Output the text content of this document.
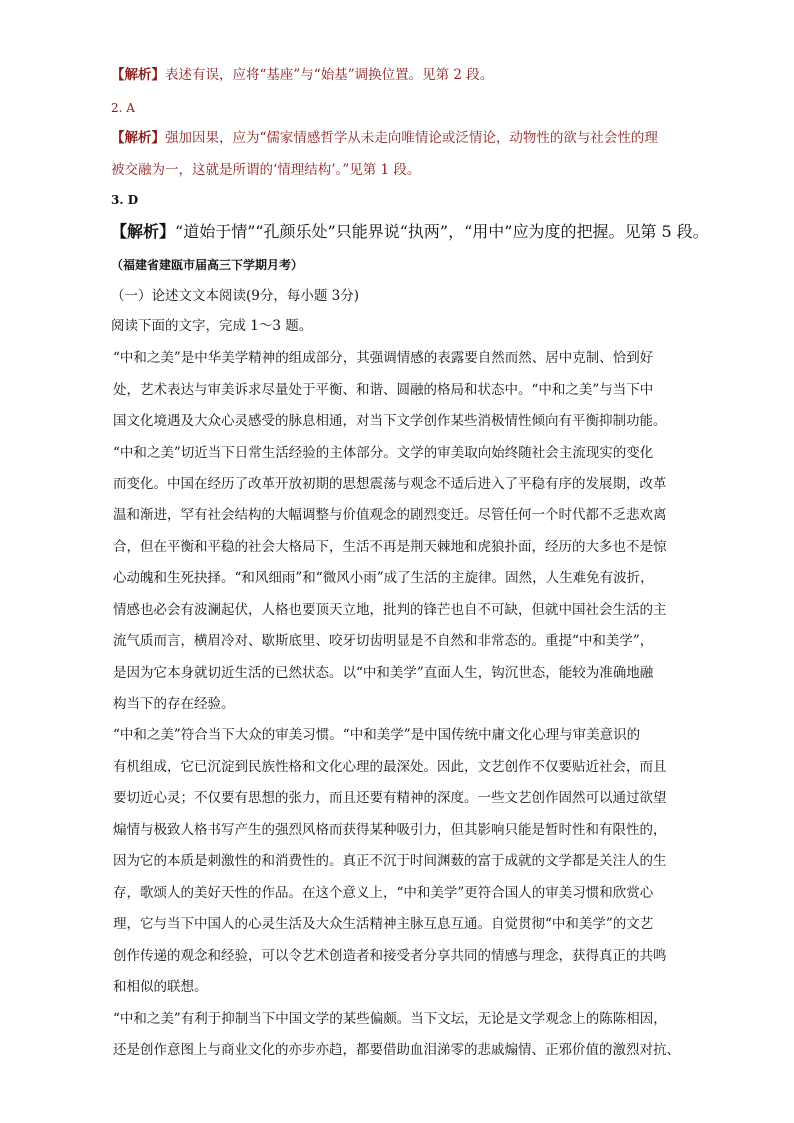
【解析】表述有误，应将“基座”与“始基”调换位置。见第 2 段。
2. A
【解析】强加因果，应为“儒家情感哲学从未走向唯情论或泛情论，动物性的欲与社会性的理
被交融为一，这就是所谓的‘情理结构’。”见第 1 段。
3. D
【解析】“道始于情”“孔颜乐处”只能界说“执两”，“用中”应为度的把握。见第 5 段。
（福建省建瓯市届高三下学期月考）
（一）论述文文本阅读(9分，每小题 3分)
阅读下面的文字，完成 1～3 题。
“中和之美”是中华美学精神的组成部分，其强调情感的表露要自然而然、居中克制、恰到好
处，艺术表达与审美诉求尽量处于平衡、和谐、圆融的格局和状态中。“中和之美”与当下中
国文化境遇及大众心灵感受的脉息相通，对当下文学创作某些消极情性倾向有平衡抑制功能。
“中和之美”切近当下日常生活经验的主体部分。文学的审美取向始终随社会主流现实的变化
而变化。中国在经历了改革开放初期的思想震荡与观念不适后进入了平稳有序的发展期，改革
温和渐进，罕有社会结构的大幅调整与价值观念的剧烈变迁。尽管任何一个时代都不乏悲欢离
合，但在平衡和平稳的社会大格局下，生活不再是荆天棘地和虎狼扑面，经历的大多也不是惊
心动魄和生死抉择。“和风细雨”和“微风小雨”成了生活的主旋律。固然，人生难免有波折，
情感也必会有波澜起伏，人格也要顶天立地，批判的锋芒也自不可缺，但就中国社会生活的主
流气质而言，横眉冷对、歇斯底里、咬牙切齿明显是不自然和非常态的。重提“中和美学”，
是因为它本身就切近生活的已然状态。以“中和美学”直面人生，钩沉世态，能较为准确地融
构当下的存在经验。
“中和之美”符合当下大众的审美习惯。“中和美学”是中国传统中庸文化心理与审美意识的
有机组成，它已沉淀到民族性格和文化心理的最深处。因此，文艺创作不仅要贴近社会，而且
要切近心灵；不仅要有思想的张力，而且还要有精神的深度。一些文艺创作固然可以通过欲望
煽情与极致人格书写产生的强烈风格而获得某种吸引力，但其影响只能是暂时性和有限性的，
因为它的本质是刺激性的和消费性的。真正不沉于时间渊薮的富于成就的文学都是关注人的生
存，歌颂人的美好天性的作品。在这个意义上，“中和美学”更符合国人的审美习惯和欣赏心
理，它与当下中国人的心灵生活及大众生活精神主脉互息互通。自觉贯彻“中和美学”的文艺
创作传递的观念和经验，可以令艺术创造者和接受者分享共同的情感与理念，获得真正的共鸣
和相似的联想。
“中和之美”有利于抑制当下中国文学的某些偏颇。当下文坛，无论是文学观念上的陈陈相因，
还是创作意图上与商业文化的亦步亦趋，都要借助血泪涕零的悲戚煽情、正邪价值的激烈对抗、
